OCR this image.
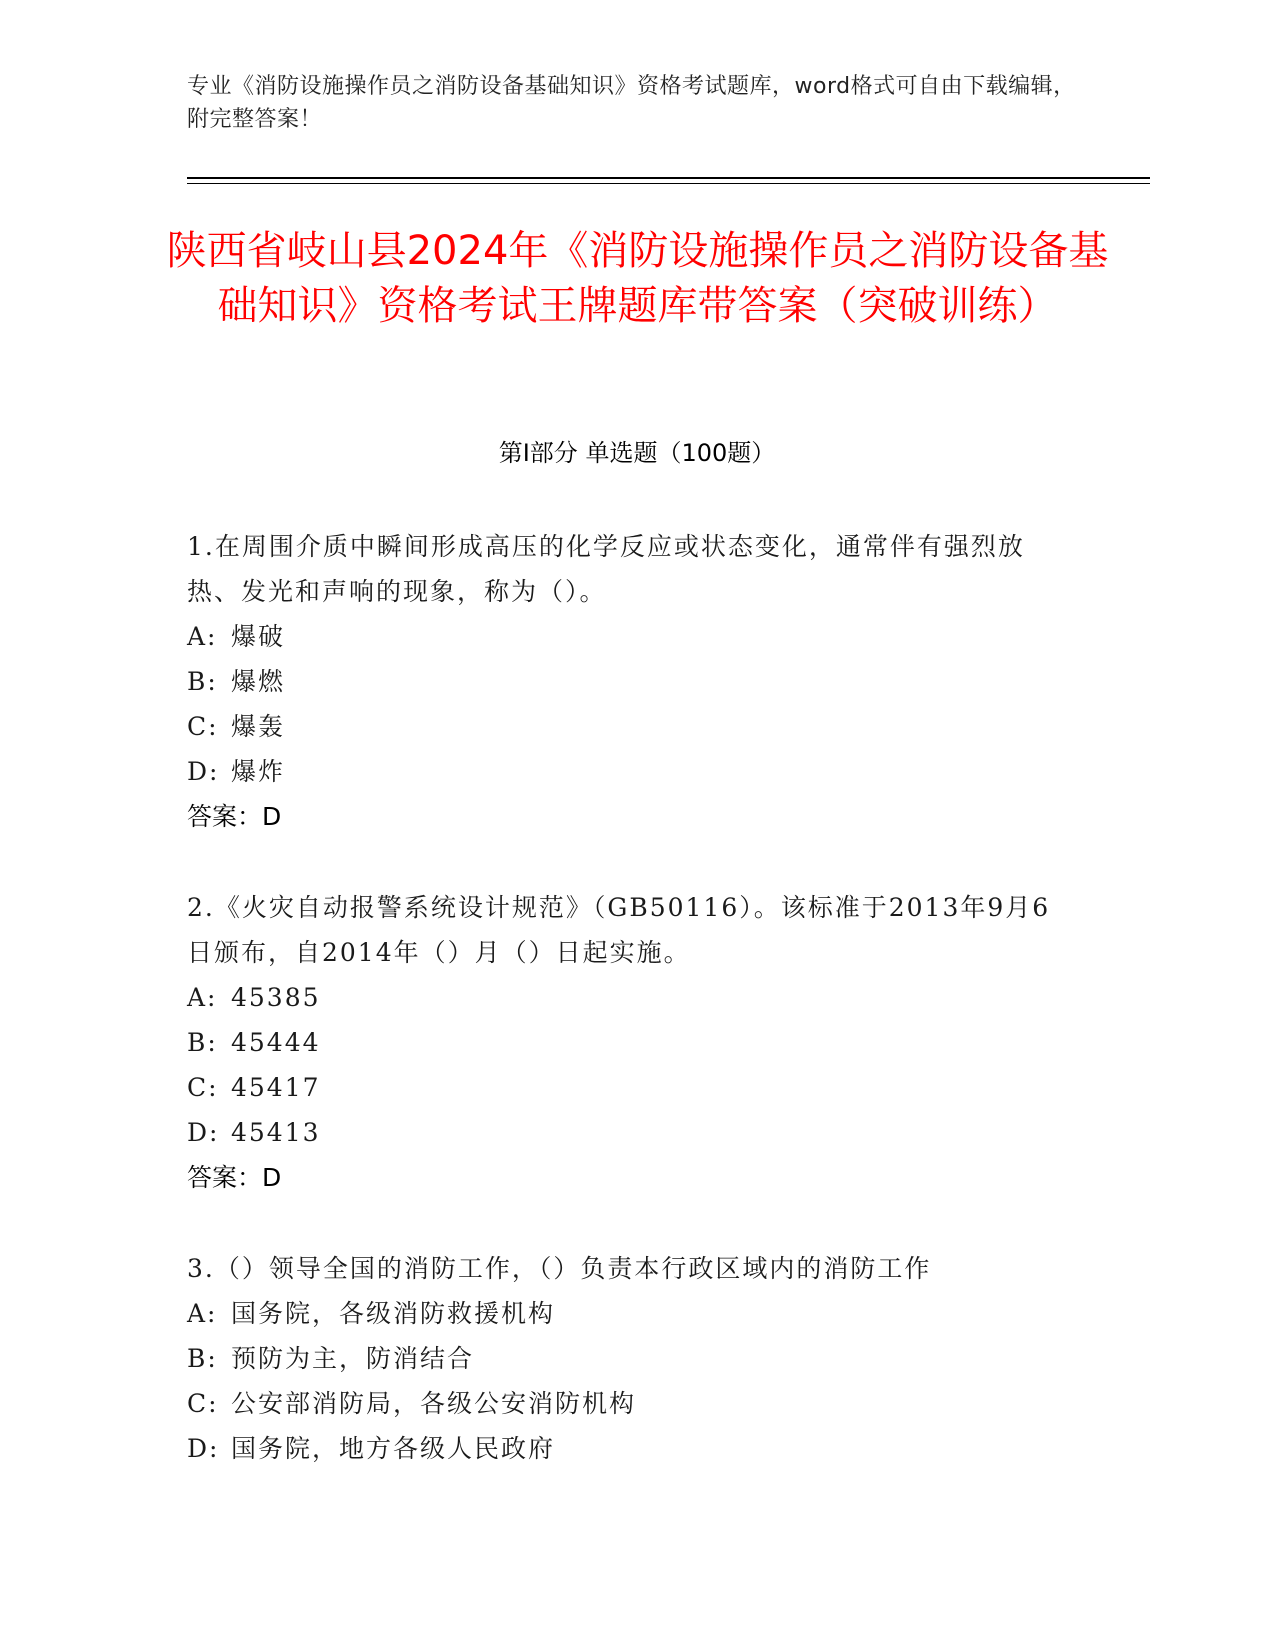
专业《消防设施操作员之消防设备基础知识》资格考试题库，word格式可自由下载编辑，附完整答案！
陕西省岐山县2024年《消防设施操作员之消防设备基础知识》资格考试王牌题库带答案（突破训练）
第Ⅰ部分 单选题（100题）

1.在周围介质中瞬间形成高压的化学反应或状态变化，通常伴有强烈放热、发光和声响的现象，称为（）。

A: 爆破

B: 爆燃

C: 爆轰

D: 爆炸

答案：D

2.《火灾自动报警系统设计规范》（GB50116）。该标准于2013年9月6日颁布，自2014年（）月（）日起实施。

A: 45385

B: 45444

C: 45417

D: 45413

答案：D

3.（）领导全国的消防工作，（）负责本行政区域内的消防工作

A: 国务院，各级消防救援机构

B: 预防为主，防消结合

C: 公安部消防局，各级公安消防机构

D: 国务院，地方各级人民政府
